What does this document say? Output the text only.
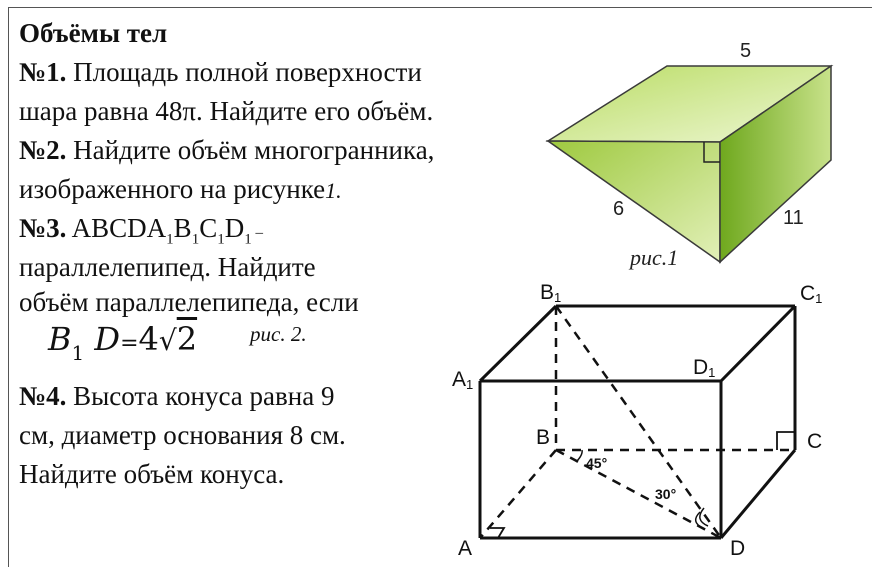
Объёмы тел
№1. Площадь полной поверхности
шара равна 48π. Найдите его объём.
№2. Найдите объём многогранника,
изображенного на рисунке1.
№3. $ABCDA_1B_1C_1D_1$ –
параллелепипед. Найдите
объём параллелепипеда, если
$B_1$ D=4√2	рис. 2.
№4. Высота конуса равна 9
см, диаметр основания 8 см.
Найдите объём конуса.
5
6	11
рис.1
45°
30°
B1	C1
A1
D1
B	C
A	D
